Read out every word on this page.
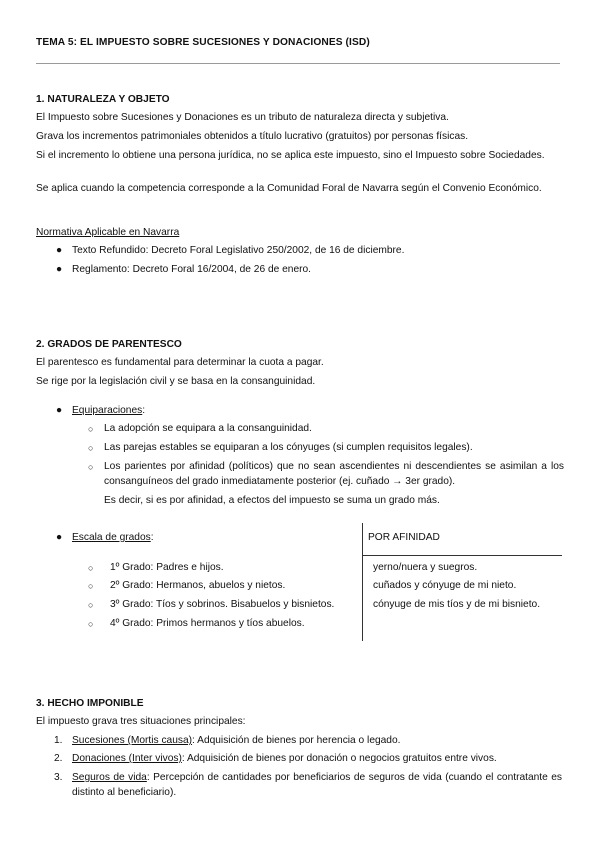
TEMA 5: EL IMPUESTO SOBRE SUCESIONES Y DONACIONES (ISD)
1. NATURALEZA Y OBJETO
El Impuesto sobre Sucesiones y Donaciones es un tributo de naturaleza directa y subjetiva.
Grava los incrementos patrimoniales obtenidos a título lucrativo (gratuitos) por personas físicas.
Si el incremento lo obtiene una persona jurídica, no se aplica este impuesto, sino el Impuesto sobre Sociedades.
Se aplica cuando la competencia corresponde a la Comunidad Foral de Navarra según el Convenio Económico.
Normativa Aplicable en Navarra
● Texto Refundido: Decreto Foral Legislativo 250/2002, de 16 de diciembre.
● Reglamento: Decreto Foral 16/2004, de 26 de enero.
2. GRADOS DE PARENTESCO
El parentesco es fundamental para determinar la cuota a pagar.
Se rige por la legislación civil y se basa en la consanguinidad.
● Equiparaciones:
○ La adopción se equipara a la consanguinidad.
○ Las parejas estables se equiparan a los cónyuges (si cumplen requisitos legales).
○ Los parientes por afinidad (políticos) que no sean ascendientes ni descendientes se asimilan a los consanguíneos del grado inmediatamente posterior (ej. cuñado → 3er grado).
Es decir, si es por afinidad, a efectos del impuesto se suma un grado más.
● Escala de grados:	POR AFINIDAD
○ 1º Grado: Padres e hijos.
○ 2º Grado: Hermanos, abuelos y nietos.
○ 3º Grado: Tíos y sobrinos. Bisabuelos y bisnietos.
○ 4º Grado: Primos hermanos y tíos abuelos.
yerno/nuera y suegros.
cuñados y cónyuge de mi nieto.
cónyuge de mis tíos y de mi bisnieto.
3. HECHO IMPONIBLE
El impuesto grava tres situaciones principales:
1. Sucesiones (Mortis causa): Adquisición de bienes por herencia o legado.
2. Donaciones (Inter vivos): Adquisición de bienes por donación o negocios gratuitos entre vivos.
3. Seguros de vida: Percepción de cantidades por beneficiarios de seguros de vida (cuando el contratante es distinto al beneficiario).
